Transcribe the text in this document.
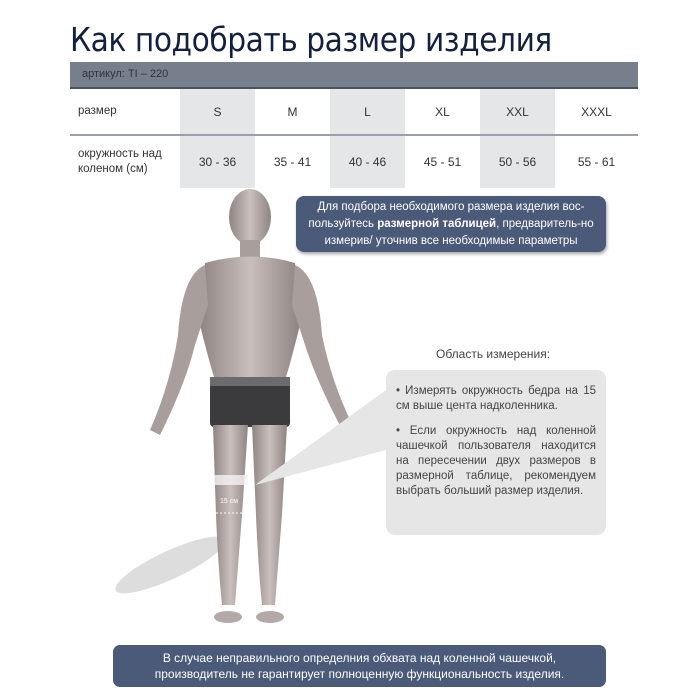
Как подобрать размер изделия
артикул: TI – 220
размер	S	M	L	XL	XXL	XXXL
окружность над коленом (см)	30 - 36	35 - 41	40 - 46	45 - 51	50 - 56	55 - 61
15 см
Для подбора необходимого размера изделия вос-пользуйтесь размерной таблицей, предваритель-но измерив/ уточнив все необходимые параметры
Область измерения:

• Измерять окружность бедра на 15 см выше цента надколенника.

• Если окружность над коленной чашечкой пользователя находится на пересечении двух размеров в размерной таблице, рекомендуем выбрать больший размер изделия.

В случае неправильного определния обхвата над коленной чашечкой,
производитель не гарантирует полноценную функциональность изделия.
